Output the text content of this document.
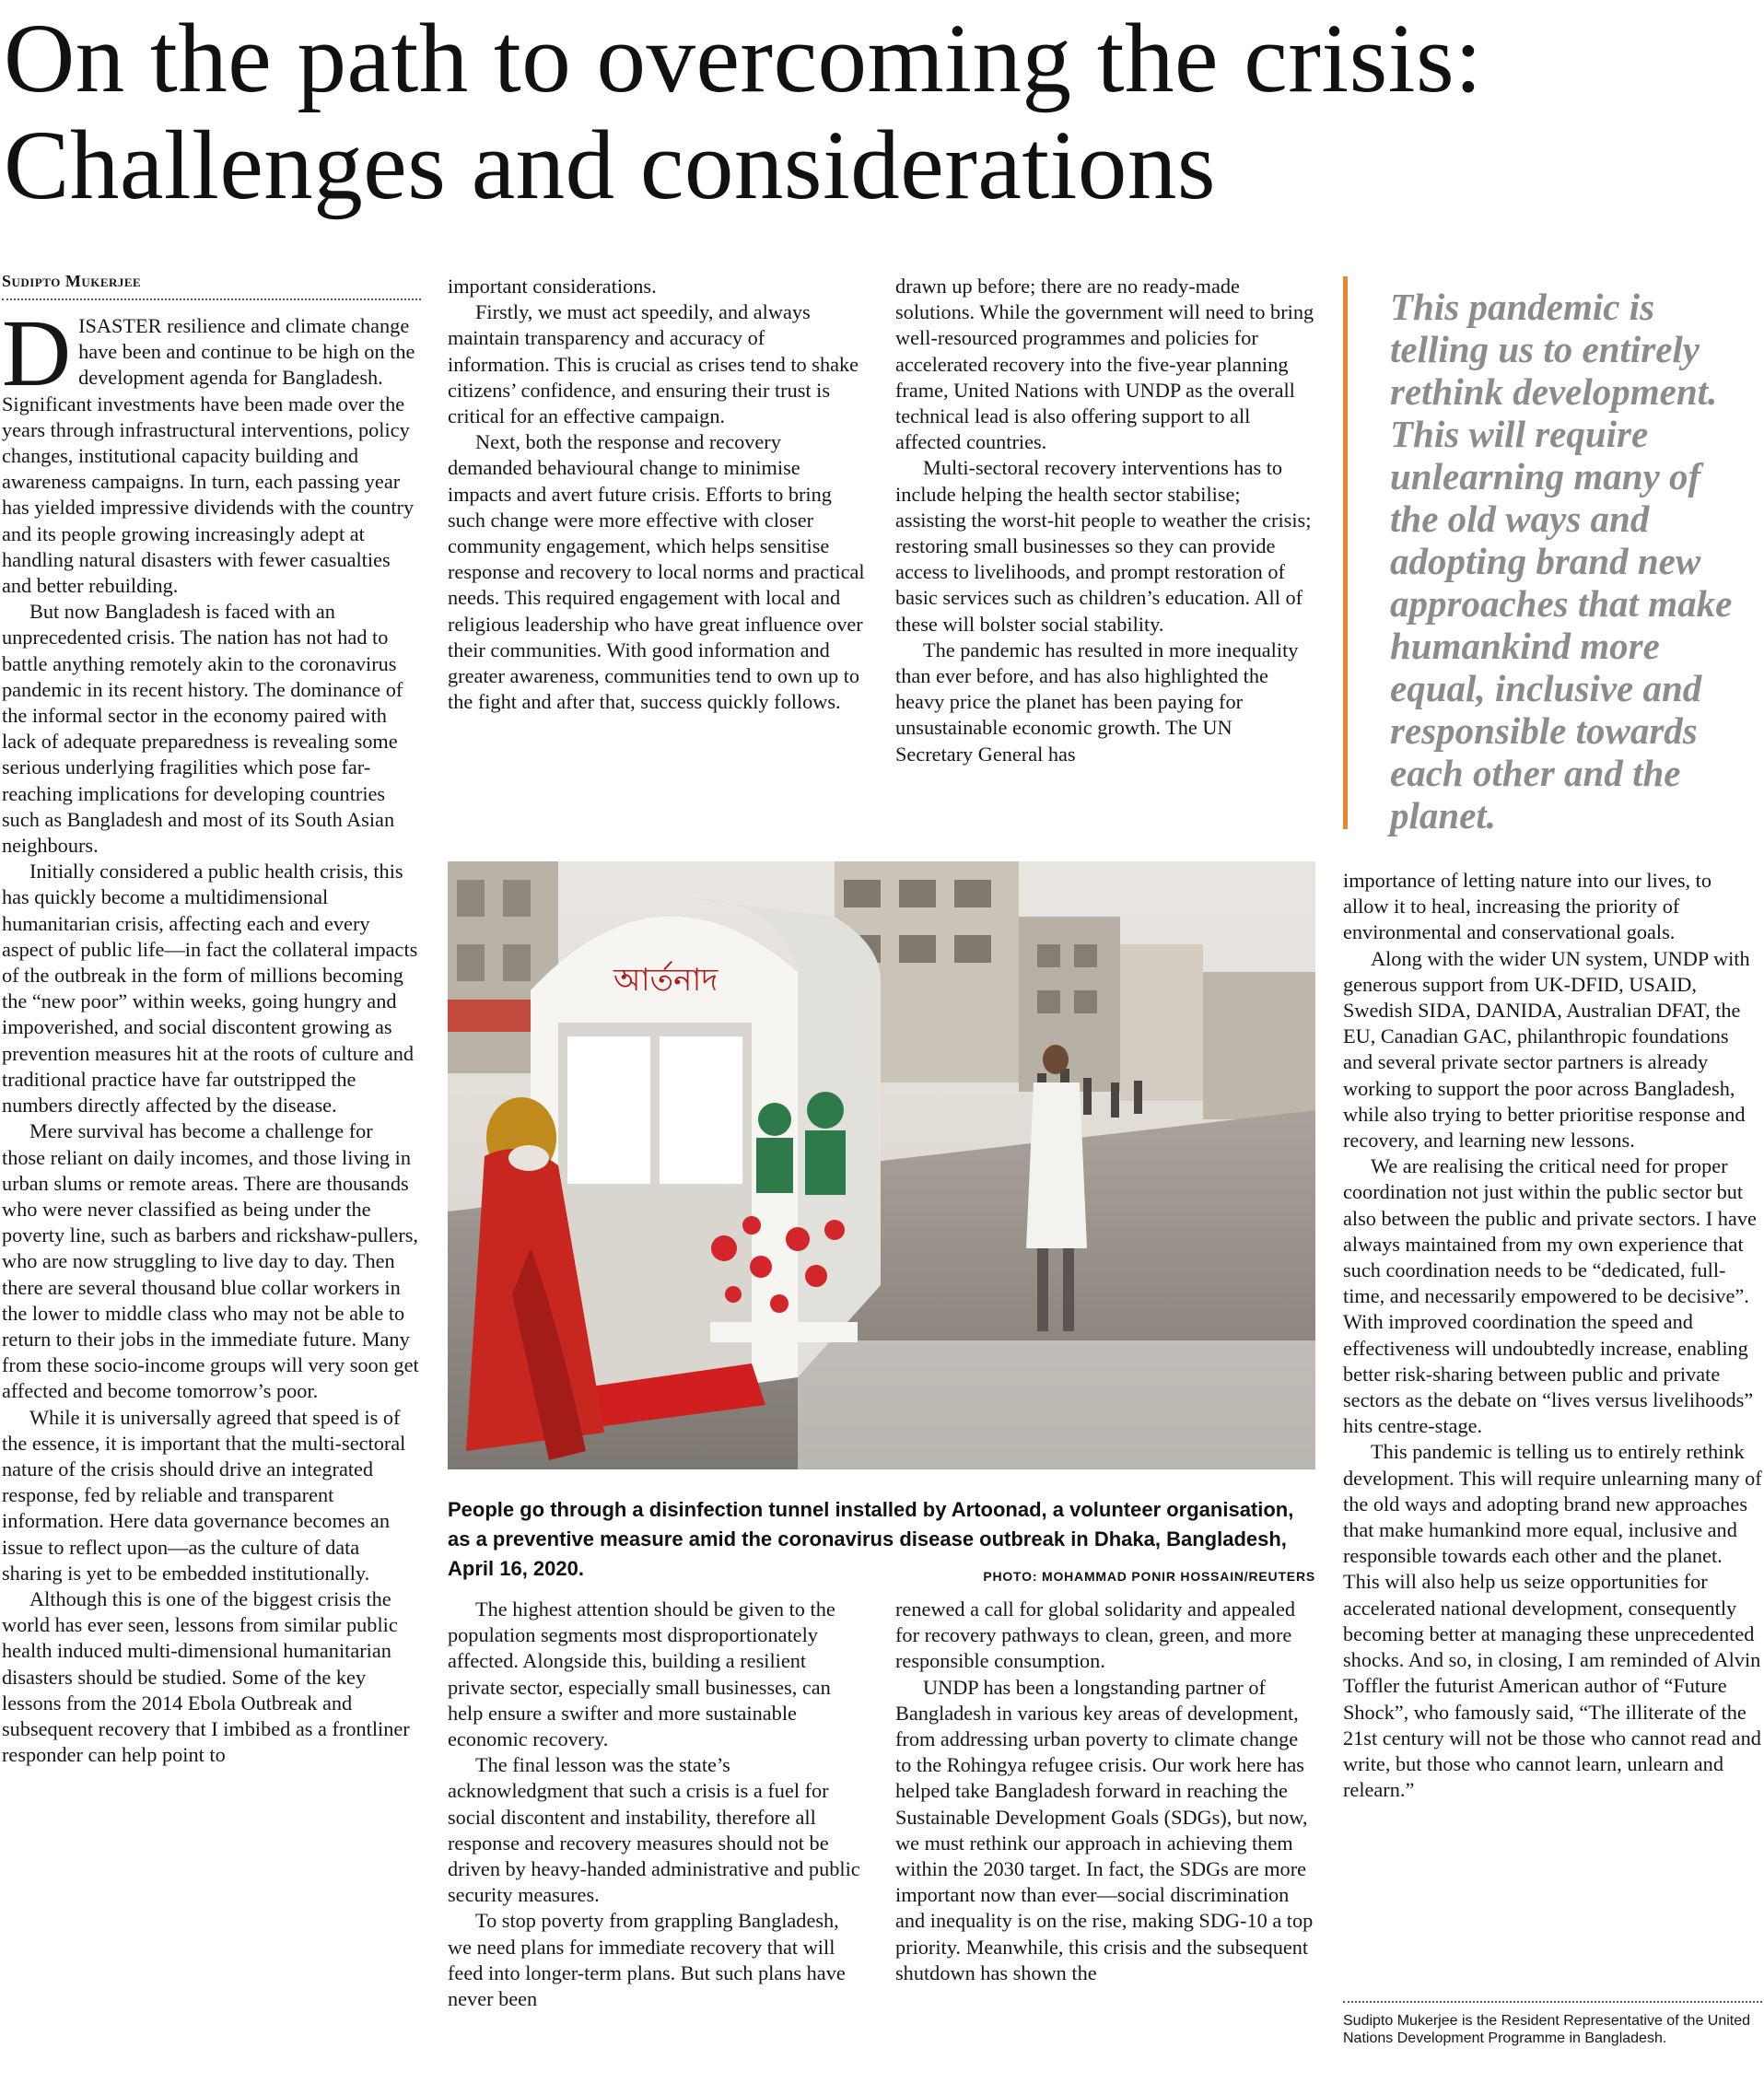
On the path to overcoming the crisis: Challenges and considerations
Sudipto Mukerjee

DISASTER resilience and climate change have been and continue to be high on the development agenda for Bangladesh. Significant investments have been made over the years through infrastructural interventions, policy changes, institutional capacity building and awareness campaigns. In turn, each passing year has yielded impressive dividends with the country and its people growing increasingly adept at handling natural disasters with fewer casualties and better rebuilding.

But now Bangladesh is faced with an unprecedented crisis. The nation has not had to battle anything remotely akin to the coronavirus pandemic in its recent history. The dominance of the informal sector in the economy paired with lack of adequate preparedness is revealing some serious underlying fragilities which pose far-reaching implications for developing countries such as Bangladesh and most of its South Asian neighbours.

Initially considered a public health crisis, this has quickly become a multidimensional humanitarian crisis, affecting each and every aspect of public life—in fact the collateral impacts of the outbreak in the form of millions becoming the “new poor” within weeks, going hungry and impoverished, and social discontent growing as prevention measures hit at the roots of culture and traditional practice have far outstripped the numbers directly affected by the disease.

Mere survival has become a challenge for those reliant on daily incomes, and those living in urban slums or remote areas. There are thousands who were never classified as being under the poverty line, such as barbers and rickshaw-pullers, who are now struggling to live day to day. Then there are several thousand blue collar workers in the lower to middle class who may not be able to return to their jobs in the immediate future. Many from these socio-income groups will very soon get affected and become tomorrow’s poor.

While it is universally agreed that speed is of the essence, it is important that the multi-sectoral nature of the crisis should drive an integrated response, fed by reliable and transparent information. Here data governance becomes an issue to reflect upon—as the culture of data sharing is yet to be embedded institutionally.

Although this is one of the biggest crisis the world has ever seen, lessons from similar public health induced multi-dimensional humanitarian disasters should be studied. Some of the key lessons from the 2014 Ebola Outbreak and subsequent recovery that I imbibed as a frontliner responder can help point to

important considerations.

Firstly, we must act speedily, and always maintain transparency and accuracy of information. This is crucial as crises tend to shake citizens’ confidence, and ensuring their trust is critical for an effective campaign.

Next, both the response and recovery demanded behavioural change to minimise impacts and avert future crisis. Efforts to bring such change were more effective with closer community engagement, which helps sensitise response and recovery to local norms and practical needs. This required engagement with local and religious leadership who have great influence over their communities. With good information and greater awareness, communities tend to own up to the fight and after that, success quickly follows.

drawn up before; there are no ready-made solutions. While the government will need to bring well-resourced programmes and policies for accelerated recovery into the five-year planning frame, United Nations with UNDP as the overall technical lead is also offering support to all affected countries.

Multi-sectoral recovery interventions has to include helping the health sector stabilise; assisting the worst-hit people to weather the crisis; restoring small businesses so they can provide access to livelihoods, and prompt restoration of basic services such as children’s education. All of these will bolster social stability.

The pandemic has resulted in more inequality than ever before, and has also highlighted the heavy price the planet has been paying for unsustainable economic growth. The UN Secretary General has

This pandemic is telling us to entirely rethink development. This will require unlearning many of the old ways and adopting brand new approaches that make humankind more equal, inclusive and responsible towards each other and the planet.
আর্তনাদ
People go through a disinfection tunnel installed by Artoonad, a volunteer organisation, as a preventive measure amid the coronavirus disease outbreak in Dhaka, Bangladesh, April 16, 2020.	PHOTO: MOHAMMAD PONIR HOSSAIN/REUTERS

The highest attention should be given to the population segments most disproportionately affected. Alongside this, building a resilient private sector, especially small businesses, can help ensure a swifter and more sustainable economic recovery.

The final lesson was the state’s acknowledgment that such a crisis is a fuel for social discontent and instability, therefore all response and recovery measures should not be driven by heavy-handed administrative and public security measures.

To stop poverty from grappling Bangladesh, we need plans for immediate recovery that will feed into longer-term plans. But such plans have never been

renewed a call for global solidarity and appealed for recovery pathways to clean, green, and more responsible consumption.

UNDP has been a longstanding partner of Bangladesh in various key areas of development, from addressing urban poverty to climate change to the Rohingya refugee crisis. Our work here has helped take Bangladesh forward in reaching the Sustainable Development Goals (SDGs), but now, we must rethink our approach in achieving them within the 2030 target. In fact, the SDGs are more important now than ever—social discrimination and inequality is on the rise, making SDG-10 a top priority. Meanwhile, this crisis and the subsequent shutdown has shown the

importance of letting nature into our lives, to allow it to heal, increasing the priority of environmental and conservational goals.

Along with the wider UN system, UNDP with generous support from UK-DFID, USAID, Swedish SIDA, DANIDA, Australian DFAT, the EU, Canadian GAC, philanthropic foundations and several private sector partners is already working to support the poor across Bangladesh, while also trying to better prioritise response and recovery, and learning new lessons.

We are realising the critical need for proper coordination not just within the public sector but also between the public and private sectors. I have always maintained from my own experience that such coordination needs to be “dedicated, full-time, and necessarily empowered to be decisive”. With improved coordination the speed and effectiveness will undoubtedly increase, enabling better risk-sharing between public and private sectors as the debate on “lives versus livelihoods” hits centre-stage.

This pandemic is telling us to entirely rethink development. This will require unlearning many of the old ways and adopting brand new approaches that make humankind more equal, inclusive and responsible towards each other and the planet. This will also help us seize opportunities for accelerated national development, consequently becoming better at managing these unprecedented shocks. And so, in closing, I am reminded of Alvin Toffler the futurist American author of “Future Shock”, who famously said, “The illiterate of the 21st century will not be those who cannot read and write, but those who cannot learn, unlearn and relearn.”

Sudipto Mukerjee is the Resident Representative of the United Nations Development Programme in Bangladesh.
